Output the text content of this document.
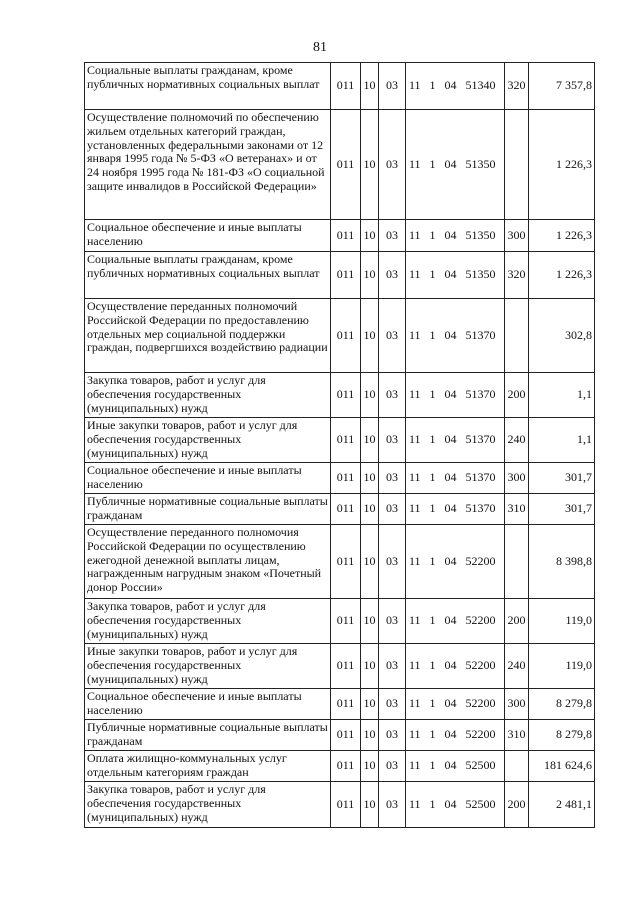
81
Социальные выплаты гражданам, кроме публичных нормативных социальных выплат	011	10	03	11 1 04 51340	320	7 357,8
Осуществление полномочий по обеспечению жильем отдельных категорий граждан, установленных федеральными законами от 12 января 1995 года № 5-ФЗ «О ветеранах» и от 24 ноября 1995 года № 181-ФЗ «О социальной защите инвалидов в Российской Федерации»	011	10	03	11 1 04 51350		1 226,3
Социальное обеспечение и иные выплаты населению	011	10	03	11 1 04 51350	300	1 226,3
Социальные выплаты гражданам, кроме публичных нормативных социальных выплат	011	10	03	11 1 04 51350	320	1 226,3
Осуществление переданных полномочий Российской Федерации по предоставлению отдельных мер социальной поддержки граждан, подвергшихся воздействию радиации	011	10	03	11 1 04 51370		302,8
Закупка товаров, работ и услуг для обеспечения государственных (муниципальных) нужд	011	10	03	11 1 04 51370	200	1,1
Иные закупки товаров, работ и услуг для обеспечения государственных (муниципальных) нужд	011	10	03	11 1 04 51370	240	1,1
Социальное обеспечение и иные выплаты населению	011	10	03	11 1 04 51370	300	301,7
Публичные нормативные социальные выплаты гражданам	011	10	03	11 1 04 51370	310	301,7
Осуществление переданного полномочия Российской Федерации по осуществлению ежегодной денежной выплаты лицам, награжденным нагрудным знаком «Почетный донор России»	011	10	03	11 1 04 52200		8 398,8
Закупка товаров, работ и услуг для обеспечения государственных (муниципальных) нужд	011	10	03	11 1 04 52200	200	119,0
Иные закупки товаров, работ и услуг для обеспечения государственных (муниципальных) нужд	011	10	03	11 1 04 52200	240	119,0
Социальное обеспечение и иные выплаты населению	011	10	03	11 1 04 52200	300	8 279,8
Публичные нормативные социальные выплаты гражданам	011	10	03	11 1 04 52200	310	8 279,8
Оплата жилищно-коммунальных услуг отдельным категориям граждан	011	10	03	11 1 04 52500		181 624,6
Закупка товаров, работ и услуг для обеспечения государственных (муниципальных) нужд	011	10	03	11 1 04 52500	200	2 481,1
